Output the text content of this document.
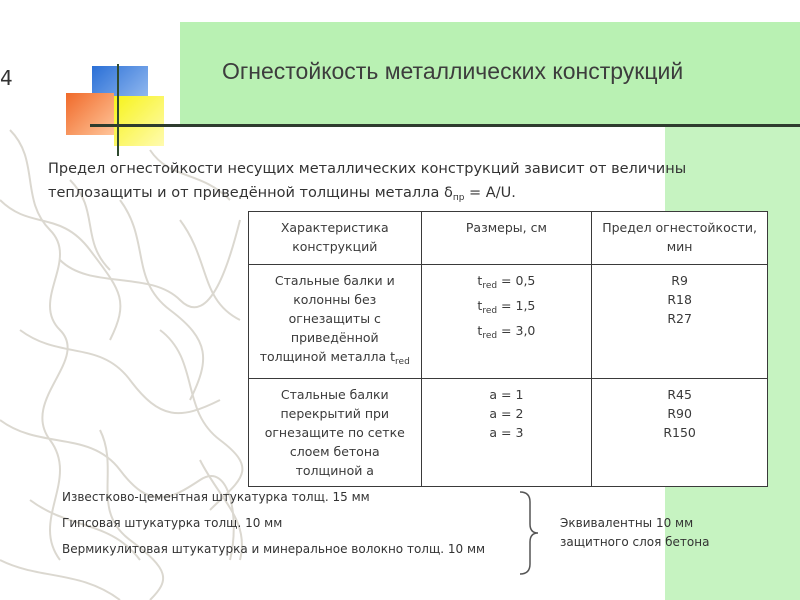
4	Огнестойкость металлических конструкций

Предел огнестойкости несущих металлических конструкций зависит от величины
теплозащиты и от приведённой толщины металла $\delta_{пр} = A/U$.

Характеристика конструкций	Размеры, см	Предел огнестойкости, мин

Стальные балки и
колонны без
огнезащиты с
приведённой
толщиной металла $t_{red}$	$t_{red} = 0,5$
$t_{red} = 1,5$
$t_{red} = 3,0$	R9
R18
R27

Стальные балки
перекрытий при
огнезащите по сетке
слоем бетона
толщиной а	а = 1
а = 2
а = 3	R45
R90
R150
Известково-цементная штукатурка толщ. 15 мм
Гипсовая штукатурка толщ. 10 мм
Вермикулитовая штукатурка и минеральное волокно толщ. 10 мм
Эквивалентны 10 мм
защитного слоя бетона
